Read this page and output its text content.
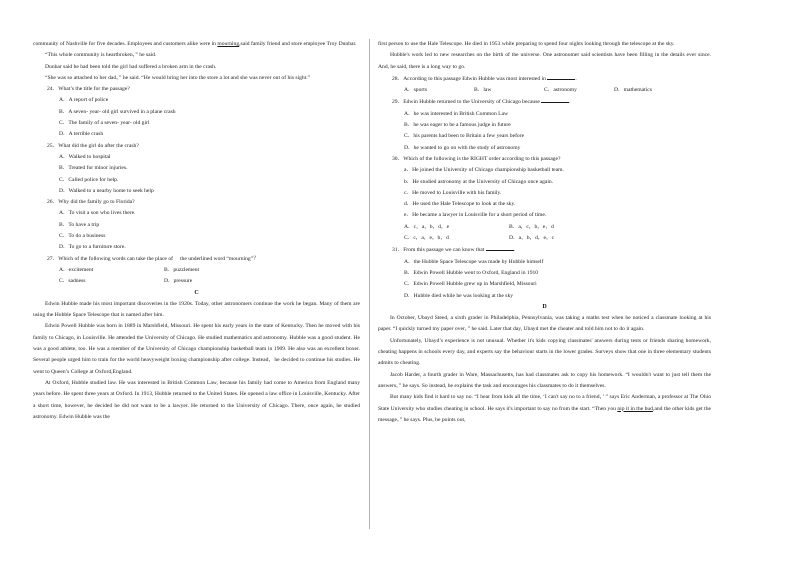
community of Nashville for five decades. Employees and customers alike were in mourning,said family friend and store employee Troy Dunbar.

“This whole community is heartbroken，” he said.

Dunbar said he had been told the girl had suffered a broken arm in the crash.

“She was so attached to her dad，” he said. “He would bring her into the store a lot and she was never out of his sight.”

24．What’s the title for the passage?

A．A report of police

B．A seven- year- old girl survived in a plane crash

C．The family of a seven- year- old girl

D．A terrible crash

25．What did the girl do after the crash?

A．Walked to hospital

B．Treated for minor injuries.

C．Called police for help.

D．Walked to a nearby home to seek help

26．Why did the family go to Florida?

A．To visit a son who lives there.

B．To have a trip

C．To do a business

D．To go to a furniture store.

27．Which of the following words can take the place of the underlined word “mourning”？

A．excitement	B．puzzlement
C．sadness	D．pressure

C

Edwin Hubble made his most important discoveries in the 1920s. Today, other astronomers continue the work he began. Many of them are using the Hubble Space Telescope that is named after him.

Edwin Powell Hubble was born in 1889 in Marshfield, Missouri. He spent his early years in the state of Kentucky. Then he moved with his family to Chicago, in Louisville. He attended the University of Chicago. He studied mathematics and astronomy. Hubble was a good student. He was a good athlete, too. He was a member of the University of Chicago championship basketball team in 1909. He also was an excellent boxer. Several people urged him to train for the world heavyweight boxing championship after college. Instead，he decided to continue his studies. He went to Queen’s College at Oxford,England.

At Oxford, Hubble studied law. He was interested in British Common Law, because his family had come to America from England many years before. He spent three years at Oxford. In 1913, Hubble returned to the United States. He opened a law office in Louisville, Kentucky. After a short time, however, he decided he did not want to be a lawyer. He returned to the University of Chicago. There, once again, he studied astronomy. Edwin Hubble was the

first person to use the Hale Telescope. He died in 1953 while preparing to spend four nights looking through the telescope at the sky.

Hubble's work led to new researches on the birth of the universe. One astronomer said scientists have been filling in the details ever since. And, he said, there is a long way to go.

28．According to this passage Edwin Hubble was most interested in	.

A．sports	B．law	C．astronomy	D．mathematics

29．Edwin Hubble returned to the University of Chicago because	.

A．he was interested in British Common Law

B．he was eager to be a famous judge in future

C．his parents had been to Britain a few years before

D．he wanted to go on with the study of astronomy

30．Which of the following is the RIGHT order according to this passage?

a．He joined the University of Chicago championship basketball team.

b．He studied astronomy at the University of Chicago once again.

c．He moved to Louisville with his family.

d．He used the Hale Telescope to look at the sky.

e．He became a lawyer in Louisville for a short period of time.

A．c，a，b，d，e	B．a，c，b，e，d
C．c，a，e，b，d	D．a，b，d，e，c

31．From this passage we can know that	.

A．the Hubble Space Telescope was made by Hubble himself

B．Edwin Powell Hubble went to Oxford, England in 1910

C．Edwin Powell Hubble grew up in Marshfield, Missouri

D．Hubble died while he was looking at the sky

D

In October, Ubayd Steed, a sixth grader in Philadelphia, Pennsylvania, was taking a maths test when he noticed a classmate looking at his paper. “I quickly turned my paper over，” he said. Later that day, Ubayd met the cheater and told him not to do it again.

Unfortunately, Ubayd’s experience is not unusual. Whether it's kids copying classmates' answers during tests or friends sharing homework, cheating happens in schools every day, and experts say the behaviour starts in the lower grades. Surveys show that one in three elementary students admits to cheating.

Jacob Harder, a fourth grader in Ware, Massachusetts, has had classmates ask to copy his homework. “I wouldn't want to just tell them the answers，” he says. So instead, he explains the task and encourages his classmates to do it themselves.

But many kids find it hard to say no. “I hear from kids all the time, ‘I can't say no to a friend，’ ” says Eric Anderman, a professor at The Ohio State University who studies cheating in school. He says it's important to say no from the start. “Then you nip it in the bud,and the other kids get the message，” he says. Plus, he points out,
